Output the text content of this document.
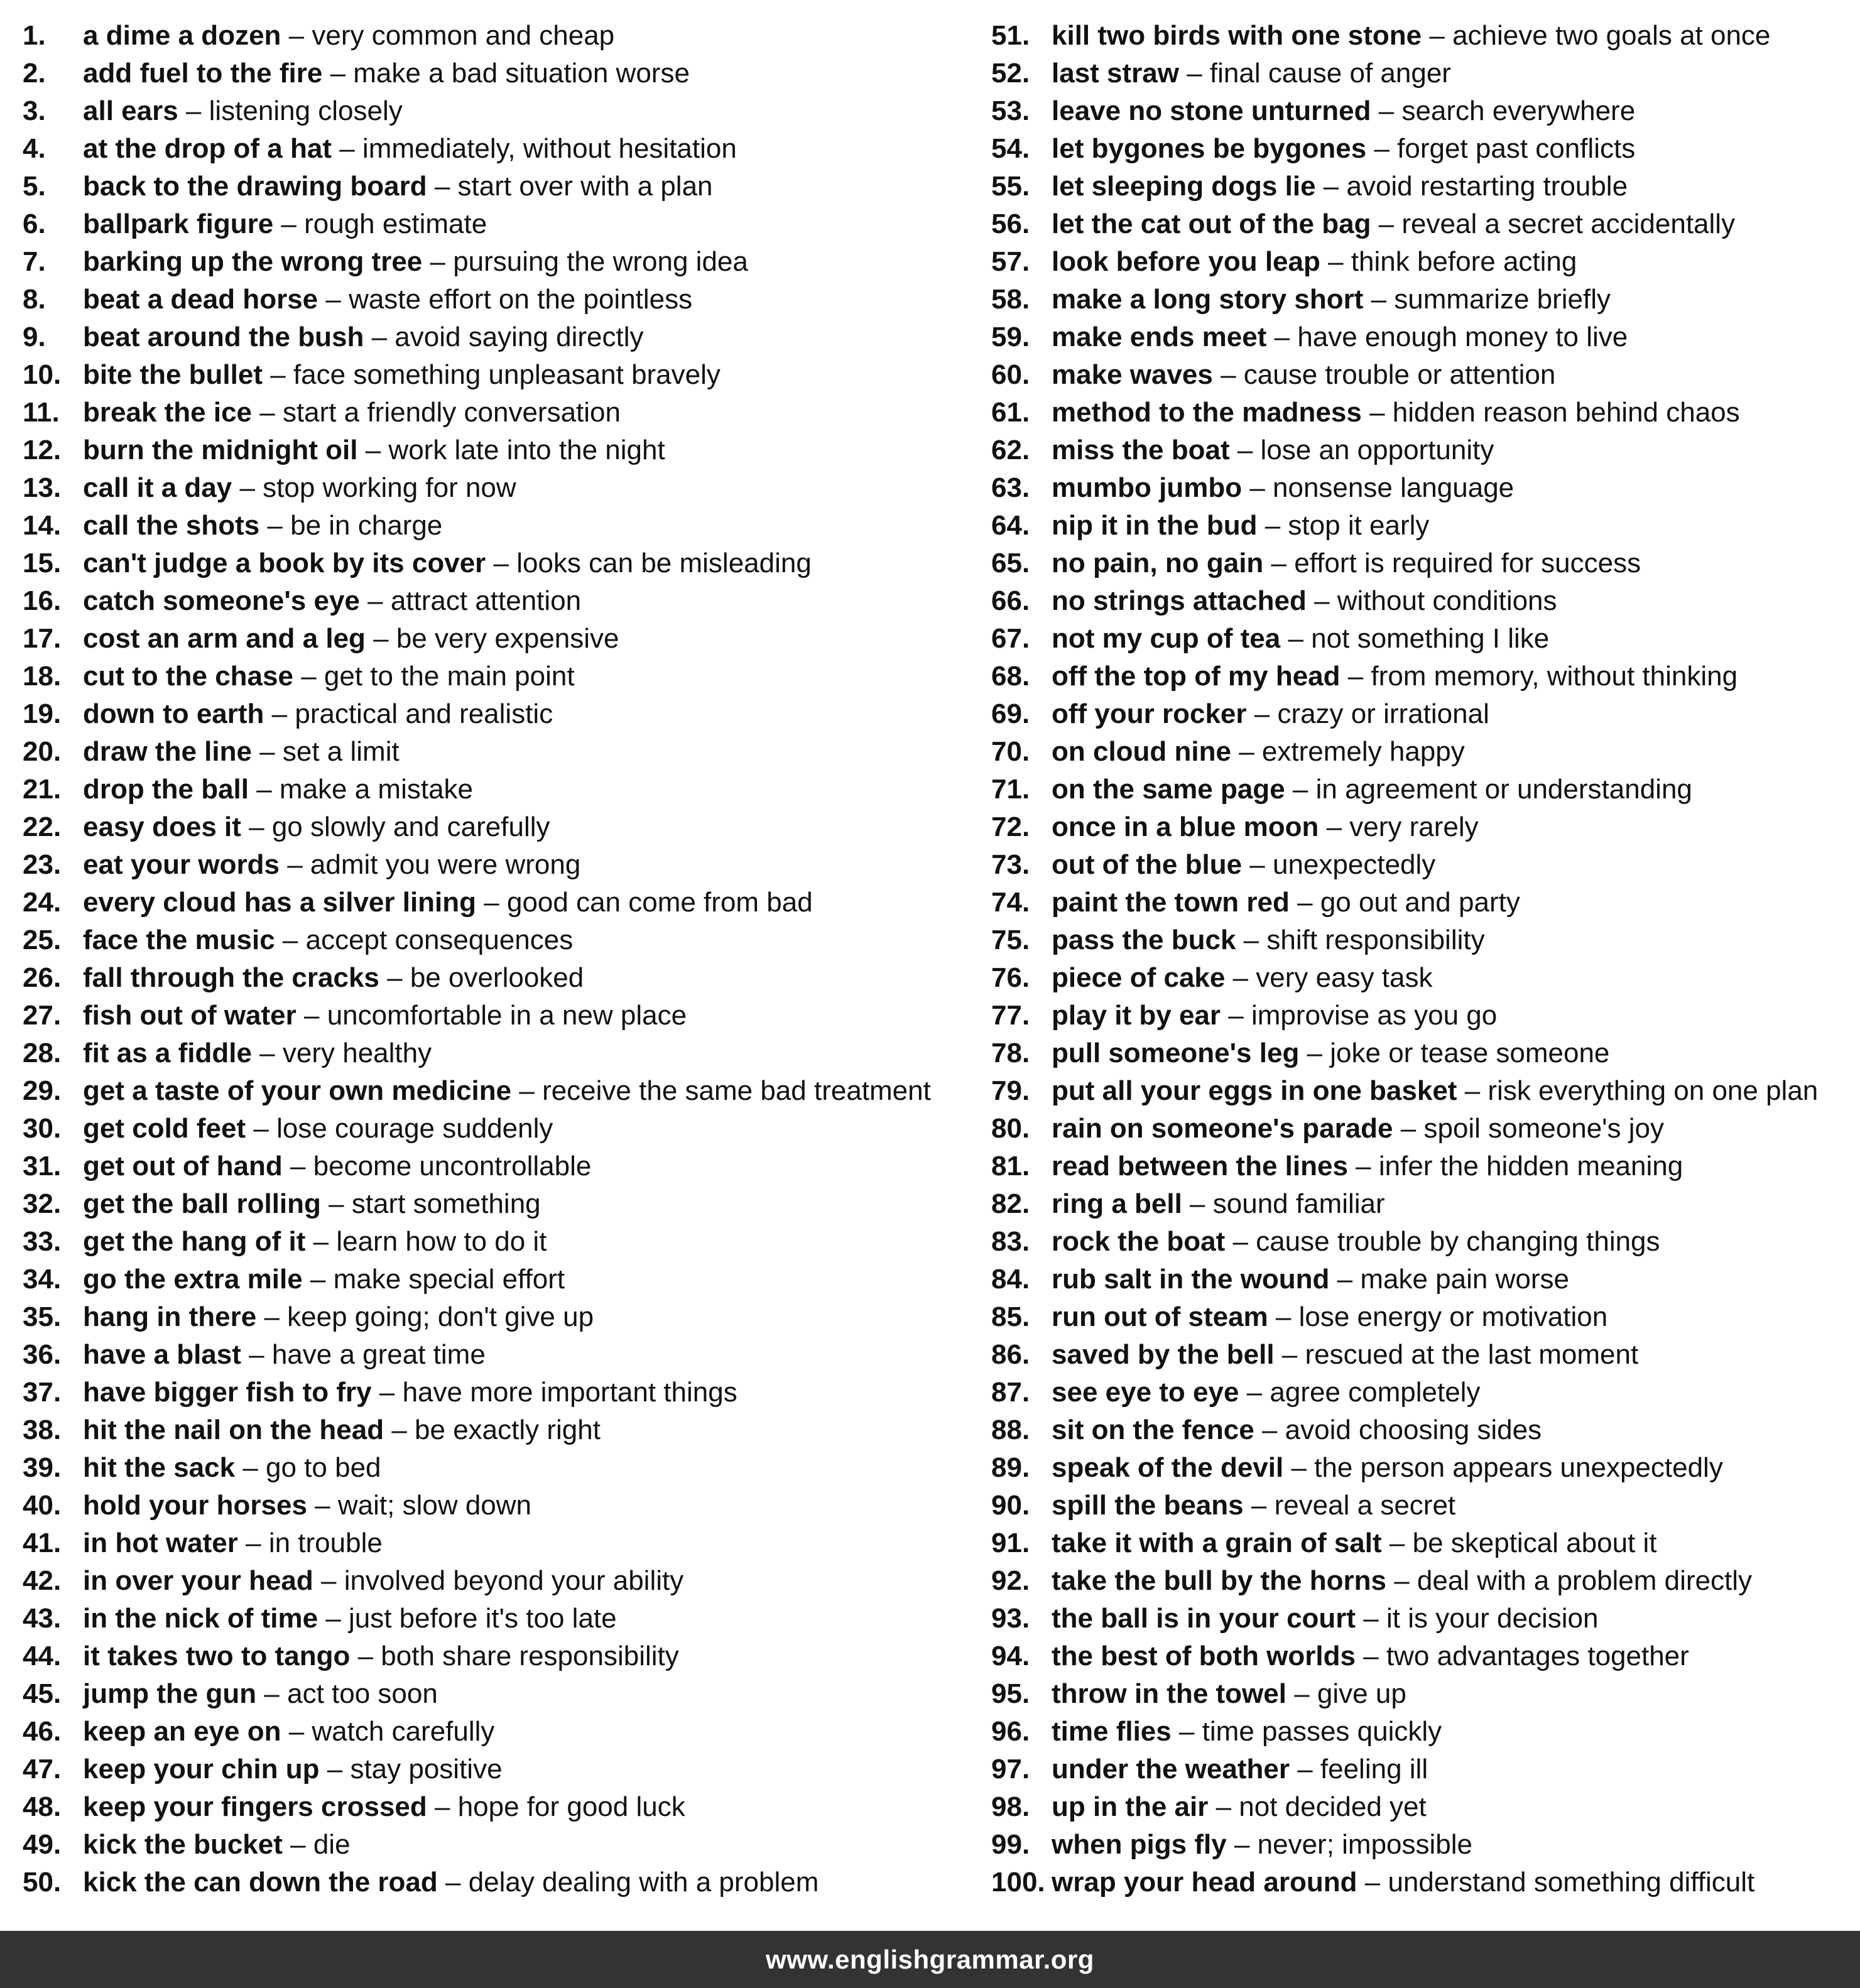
1. a dime a dozen – very common and cheap
2. add fuel to the fire – make a bad situation worse
3. all ears – listening closely
4. at the drop of a hat – immediately, without hesitation
5. back to the drawing board – start over with a plan
6. ballpark figure – rough estimate
7. barking up the wrong tree – pursuing the wrong idea
8. beat a dead horse – waste effort on the pointless
9. beat around the bush – avoid saying directly
10. bite the bullet – face something unpleasant bravely
11. break the ice – start a friendly conversation
12. burn the midnight oil – work late into the night
13. call it a day – stop working for now
14. call the shots – be in charge
15. can't judge a book by its cover – looks can be misleading
16. catch someone's eye – attract attention
17. cost an arm and a leg – be very expensive
18. cut to the chase – get to the main point
19. down to earth – practical and realistic
20. draw the line – set a limit
21. drop the ball – make a mistake
22. easy does it – go slowly and carefully
23. eat your words – admit you were wrong
24. every cloud has a silver lining – good can come from bad
25. face the music – accept consequences
26. fall through the cracks – be overlooked
27. fish out of water – uncomfortable in a new place
28. fit as a fiddle – very healthy
29. get a taste of your own medicine – receive the same bad treatment
30. get cold feet – lose courage suddenly
31. get out of hand – become uncontrollable
32. get the ball rolling – start something
33. get the hang of it – learn how to do it
34. go the extra mile – make special effort
35. hang in there – keep going; don't give up
36. have a blast – have a great time
37. have bigger fish to fry – have more important things
38. hit the nail on the head – be exactly right
39. hit the sack – go to bed
40. hold your horses – wait; slow down
41. in hot water – in trouble
42. in over your head – involved beyond your ability
43. in the nick of time – just before it's too late
44. it takes two to tango – both share responsibility
45. jump the gun – act too soon
46. keep an eye on – watch carefully
47. keep your chin up – stay positive
48. keep your fingers crossed – hope for good luck
49. kick the bucket – die
50. kick the can down the road – delay dealing with a problem
51. kill two birds with one stone – achieve two goals at once
52. last straw – final cause of anger
53. leave no stone unturned – search everywhere
54. let bygones be bygones – forget past conflicts
55. let sleeping dogs lie – avoid restarting trouble
56. let the cat out of the bag – reveal a secret accidentally
57. look before you leap – think before acting
58. make a long story short – summarize briefly
59. make ends meet – have enough money to live
60. make waves – cause trouble or attention
61. method to the madness – hidden reason behind chaos
62. miss the boat – lose an opportunity
63. mumbo jumbo – nonsense language
64. nip it in the bud – stop it early
65. no pain, no gain – effort is required for success
66. no strings attached – without conditions
67. not my cup of tea – not something I like
68. off the top of my head – from memory, without thinking
69. off your rocker – crazy or irrational
70. on cloud nine – extremely happy
71. on the same page – in agreement or understanding
72. once in a blue moon – very rarely
73. out of the blue – unexpectedly
74. paint the town red – go out and party
75. pass the buck – shift responsibility
76. piece of cake – very easy task
77. play it by ear – improvise as you go
78. pull someone's leg – joke or tease someone
79. put all your eggs in one basket – risk everything on one plan
80. rain on someone's parade – spoil someone's joy
81. read between the lines – infer the hidden meaning
82. ring a bell – sound familiar
83. rock the boat – cause trouble by changing things
84. rub salt in the wound – make pain worse
85. run out of steam – lose energy or motivation
86. saved by the bell – rescued at the last moment
87. see eye to eye – agree completely
88. sit on the fence – avoid choosing sides
89. speak of the devil – the person appears unexpectedly
90. spill the beans – reveal a secret
91. take it with a grain of salt – be skeptical about it
92. take the bull by the horns – deal with a problem directly
93. the ball is in your court – it is your decision
94. the best of both worlds – two advantages together
95. throw in the towel – give up
96. time flies – time passes quickly
97. under the weather – feeling ill
98. up in the air – not decided yet
99. when pigs fly – never; impossible
100. wrap your head around – understand something difficult
www.englishgrammar.org
